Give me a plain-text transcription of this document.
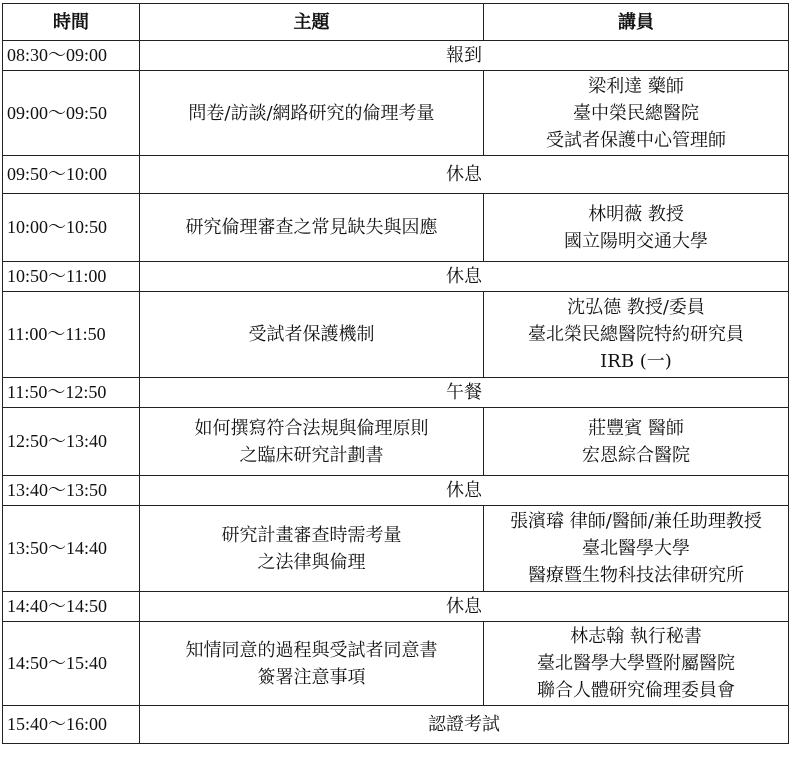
時間	主題	講員
08:30～09:00	報到	
09:00～09:50	問卷/訪談/網路研究的倫理考量	梁利達 藥師
臺中榮民總醫院
受試者保護中心管理師

09:50～10:00	休息	
10:00～10:50	研究倫理審查之常見缺失與因應	林明薇 教授
國立陽明交通大學

10:50～11:00	休息	
11:00～11:50	受試者保護機制	沈弘德 教授/委員
臺北榮民總醫院特約研究員
IRB (一)

11:50～12:50	午餐	
12:50～13:40	如何撰寫符合法規與倫理原則
之臨床研究計劃書	莊豐賓 醫師
宏恩綜合醫院

13:40～13:50	休息	
13:50～14:40	研究計畫審查時需考量
之法律與倫理	張濱璿 律師/醫師/兼任助理教授
臺北醫學大學
醫療暨生物科技法律研究所

14:40～14:50	休息	
14:50～15:40	知情同意的過程與受試者同意書
簽署注意事項	林志翰 執行秘書
臺北醫學大學暨附屬醫院
聯合人體研究倫理委員會

15:40～16:00	認證考試	
